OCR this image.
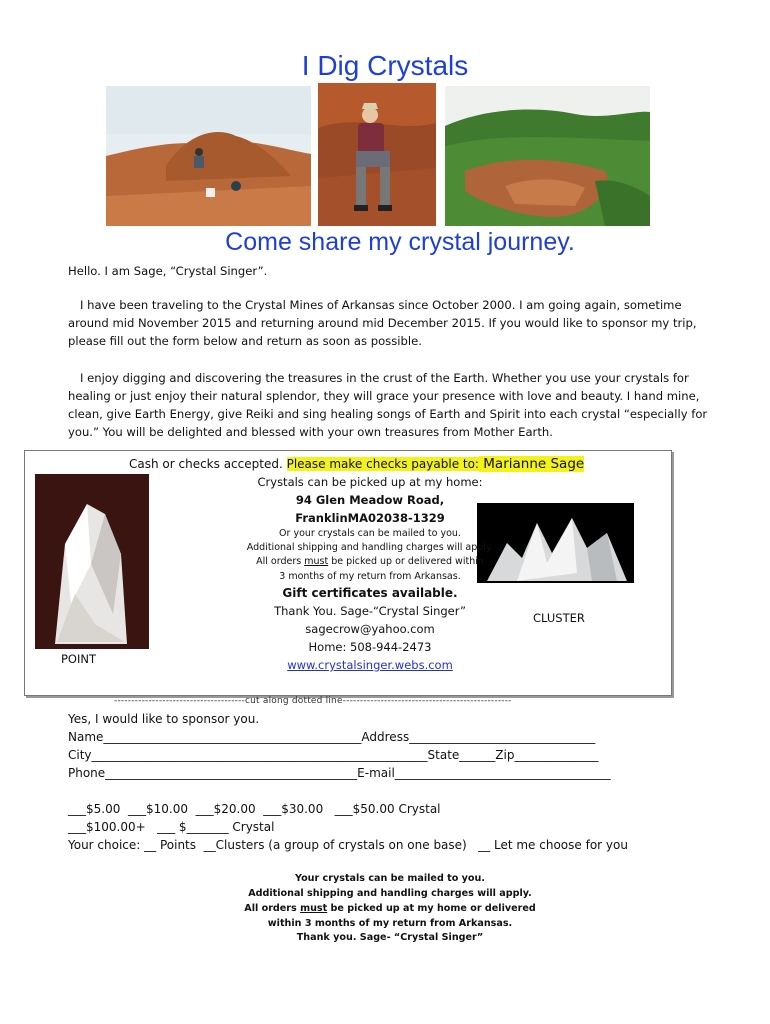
I Dig Crystals
Come share my crystal journey.
Hello. I am Sage, “Crystal Singer”.
I have been traveling to the Crystal Mines of Arkansas since October 2000. I am going again, sometime around mid November 2015 and returning around mid December 2015. If you would like to sponsor my trip, please fill out the form below and return as soon as possible.
I enjoy digging and discovering the treasures in the crust of the Earth. Whether you use your crystals for healing or just enjoy their natural splendor, they will grace your presence with love and beauty. I hand mine, clean, give Earth Energy, give Reiki and sing healing songs of Earth and Spirit into each crystal “especially for you.” You will be delighted and blessed with your own treasures from Mother Earth.
POINT
CLUSTER
Cash or checks accepted. Please make checks payable to: Marianne Sage
Crystals can be picked up at my home:
94 Glen Meadow Road,
FranklinMA02038-1329
Or your crystals can be mailed to you.
Additional shipping and handling charges will apply.
All orders must be picked up or delivered within
3 months of my return from Arkansas.
Gift certificates available.
Thank You. Sage-“Crystal Singer”
sagecrow@yahoo.com
Home: 508-944-2473
www.crystalsinger.webs.com
--------------------------------------cut along dotted line-------------------------------------------------
Yes, I would like to sponsor you.
Name___________________________________________Address_______________________________
City________________________________________________________State______Zip______________
Phone__________________________________________E-mail____________________________________
___$5.00  ___$10.00  ___$20.00  ___$30.00   ___$50.00 Crystal
___$100.00+   ___ $_______ Crystal
Your choice: __ Points  __Clusters (a group of crystals on one base)   __ Let me choose for you
Your crystals can be mailed to you.
Additional shipping and handling charges will apply.
All orders must be picked up at my home or delivered
within 3 months of my return from Arkansas.
Thank you. Sage- “Crystal Singer”
